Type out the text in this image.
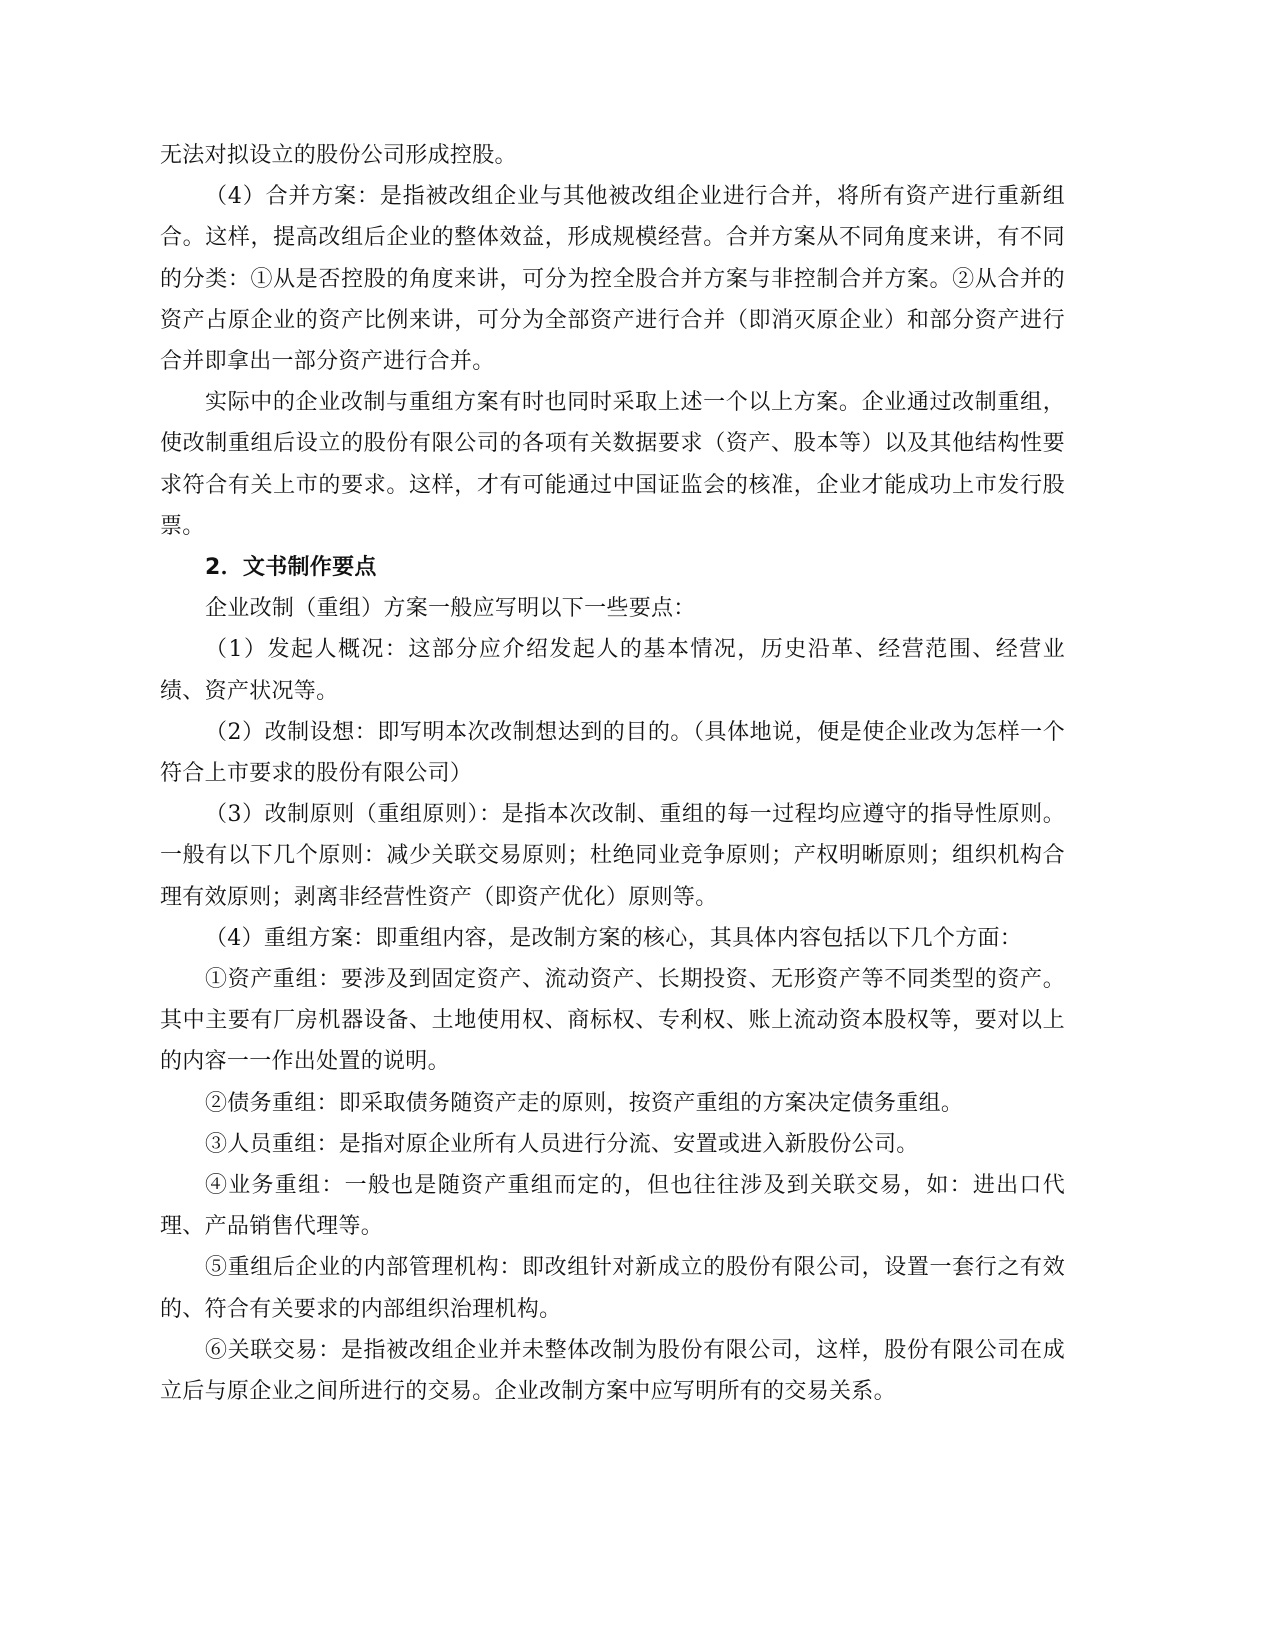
无法对拟设立的股份公司形成控股。

（4）合并方案：是指被改组企业与其他被改组企业进行合并，将所有资产进行重新组合。这样，提高改组后企业的整体效益，形成规模经营。合并方案从不同角度来讲，有不同的分类：①从是否控股的角度来讲，可分为控全股合并方案与非控制合并方案。②从合并的资产占原企业的资产比例来讲，可分为全部资产进行合并（即消灭原企业）和部分资产进行合并即拿出一部分资产进行合并。

实际中的企业改制与重组方案有时也同时采取上述一个以上方案。企业通过改制重组，使改制重组后设立的股份有限公司的各项有关数据要求（资产、股本等）以及其他结构性要求符合有关上市的要求。这样，才有可能通过中国证监会的核准，企业才能成功上市发行股票。

2．文书制作要点

企业改制（重组）方案一般应写明以下一些要点：

（1）发起人概况：这部分应介绍发起人的基本情况，历史沿革、经营范围、经营业绩、资产状况等。

（2）改制设想：即写明本次改制想达到的目的。（具体地说，便是使企业改为怎样一个符合上市要求的股份有限公司）

（3）改制原则（重组原则）：是指本次改制、重组的每一过程均应遵守的指导性原则。一般有以下几个原则：减少关联交易原则；杜绝同业竞争原则；产权明晰原则；组织机构合理有效原则；剥离非经营性资产（即资产优化）原则等。

（4）重组方案：即重组内容，是改制方案的核心，其具体内容包括以下几个方面：

①资产重组：要涉及到固定资产、流动资产、长期投资、无形资产等不同类型的资产。其中主要有厂房机器设备、土地使用权、商标权、专利权、账上流动资本股权等，要对以上的内容一一作出处置的说明。

②债务重组：即采取债务随资产走的原则，按资产重组的方案决定债务重组。

③人员重组：是指对原企业所有人员进行分流、安置或进入新股份公司。

④业务重组：一般也是随资产重组而定的，但也往往涉及到关联交易，如：进出口代理、产品销售代理等。

⑤重组后企业的内部管理机构：即改组针对新成立的股份有限公司，设置一套行之有效的、符合有关要求的内部组织治理机构。

⑥关联交易：是指被改组企业并未整体改制为股份有限公司，这样，股份有限公司在成立后与原企业之间所进行的交易。企业改制方案中应写明所有的交易关系。
